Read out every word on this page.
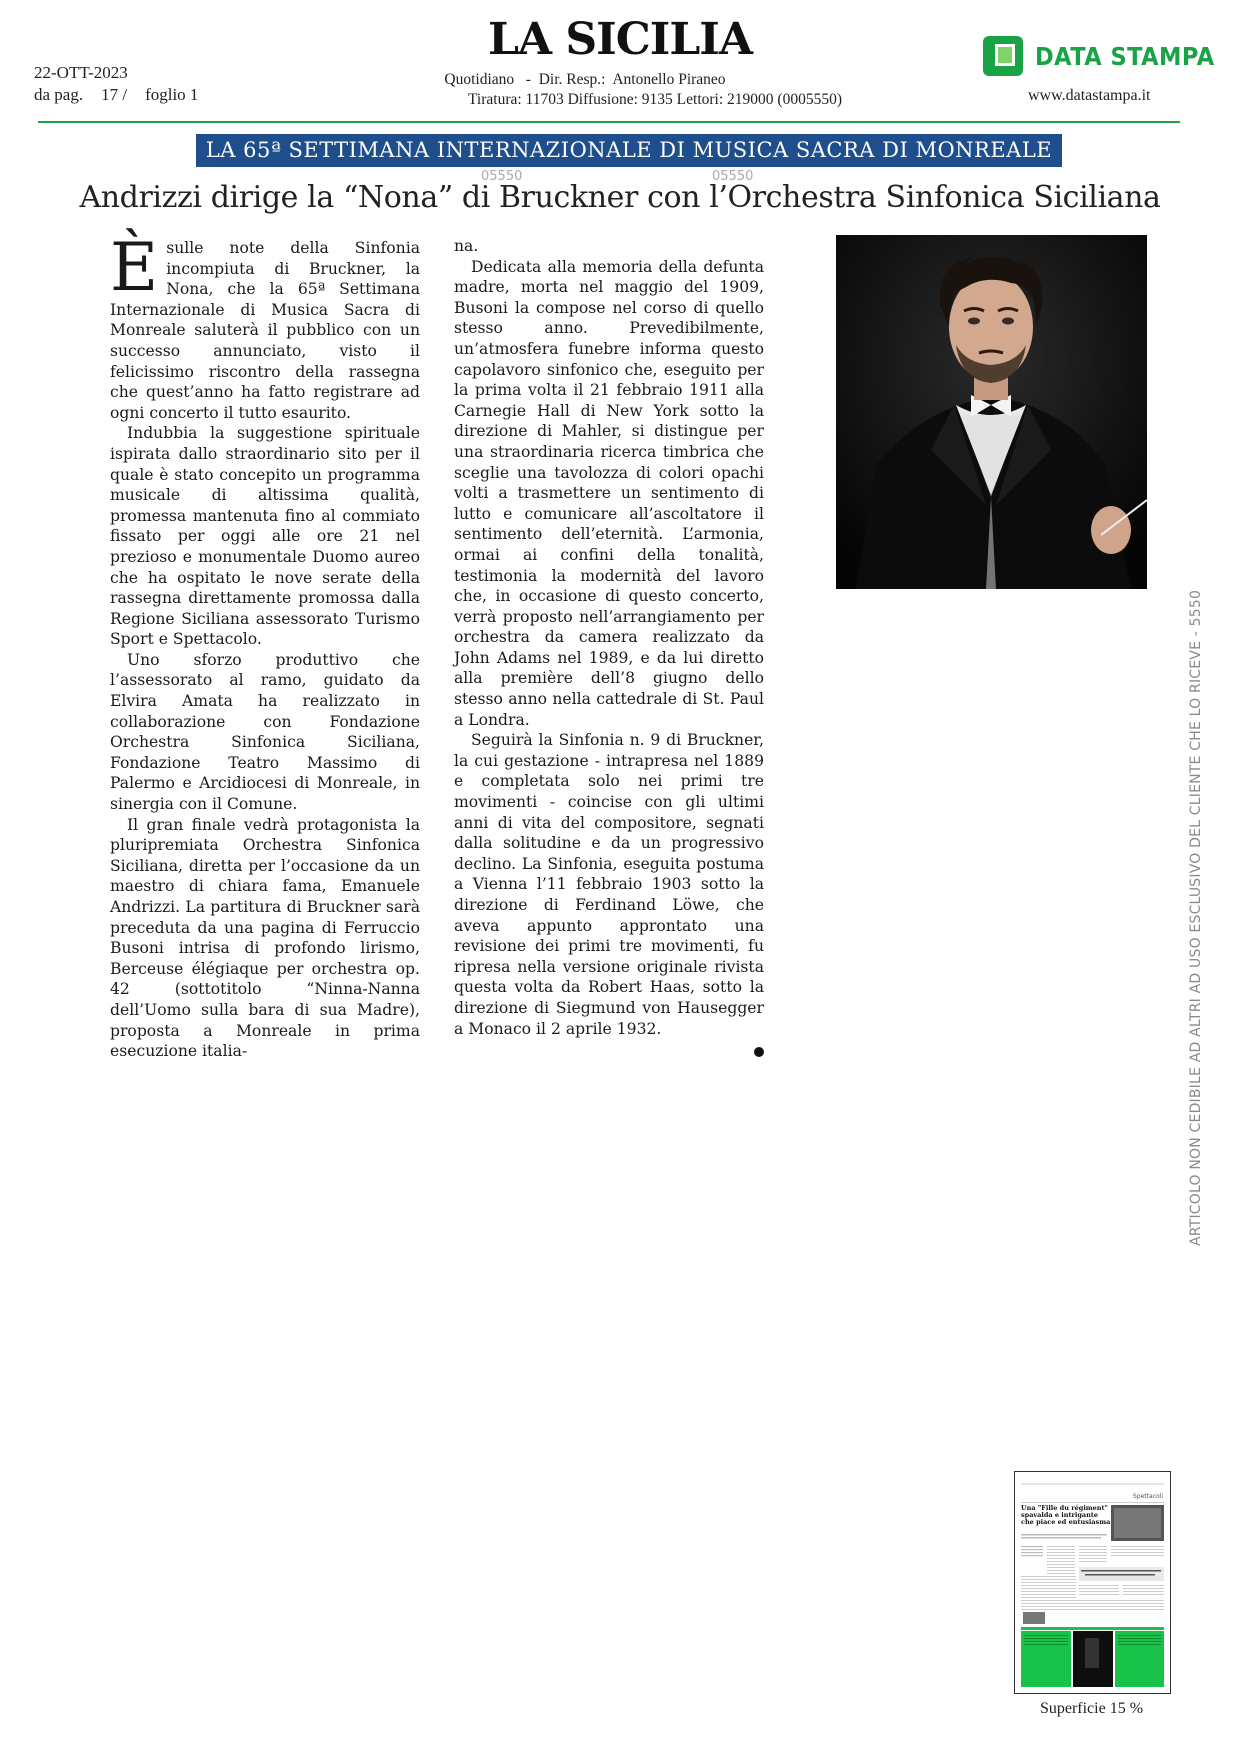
22-OTT-2023
da pag. 17 / foglio 1
LA SICILIA
Quotidiano   -  Dir. Resp.:  Antonello Piraneo
Tiratura: 11703 Diffusione: 9135 Lettori: 219000 (0005550)
DATA STAMPA
www.datastampa.it
LA 65ª SETTIMANA INTERNAZIONALE DI MUSICA SACRA DI MONREALE
05550	05550
Andrizzi dirige la “Nona” di Bruckner con l’Orchestra Sinfonica Siciliana

Èsulle note della Sinfonia incompiuta di Bruckner, la Nona, che la 65ª Settimana Internazionale di Musica Sacra di Monreale saluterà il pubblico con un successo annunciato, visto il felicissimo riscontro della rassegna che quest’anno ha fatto registrare ad ogni concerto il tutto esaurito.

Indubbia la suggestione spirituale ispirata dallo straordinario sito per il quale è stato concepito un programma musicale di altissima qualità, promessa mantenuta fino al commiato fissato per oggi alle ore 21 nel prezioso e monumentale Duomo aureo che ha ospitato le nove serate della rassegna direttamente promossa dalla Regione Siciliana assessorato Turismo Sport e Spettacolo.

Uno sforzo produttivo che l’assessorato al ramo, guidato da Elvira Amata ha realizzato in collaborazione con Fondazione Orchestra Sinfonica Siciliana, Fondazione Teatro Massimo di Palermo e Arcidiocesi di Monreale, in sinergia con il Comune.

Il gran finale vedrà protagonista la pluripremiata Orchestra Sinfonica Siciliana, diretta per l’occasione da un maestro di chiara fama, Emanuele Andrizzi. La partitura di Bruckner sarà preceduta da una pagina di Ferruccio Busoni intrisa di profondo lirismo, Berceuse élégiaque per orchestra op. 42 (sottotitolo “Ninna-Nanna dell’Uomo sulla bara di sua Madre), proposta a Monreale in prima esecuzione italia-

na.

Dedicata alla memoria della defunta madre, morta nel maggio del 1909, Busoni la compose nel corso di quello stesso anno. Prevedibilmente, un’atmosfera funebre informa questo capolavoro sinfonico che, eseguito per la prima volta il 21 febbraio 1911 alla Carnegie Hall di New York sotto la direzione di Mahler, si distingue per una straordinaria ricerca timbrica che sceglie una tavolozza di colori opachi volti a trasmettere un sentimento di lutto e comunicare all’ascoltatore il sentimento dell’eternità. L’armonia, ormai ai confini della tonalità, testimonia la modernità del lavoro che, in occasione di questo concerto, verrà proposto nell’arrangiamento per orchestra da camera realizzato da John Adams nel 1989, e da lui diretto alla première dell’8 giugno dello stesso anno nella cattedrale di St. Paul a Londra.

Seguirà la Sinfonia n. 9 di Bruckner, la cui gestazione - intrapresa nel 1889 e completata solo nei primi tre movimenti - coincise con gli ultimi anni di vita del compositore, segnati dalla solitudine e da un progressivo declino. La Sinfonia, eseguita postuma a Vienna l’11 febbraio 1903 sotto la direzione di Ferdinand Löwe, che aveva appunto approntato una revisione dei primi tre movimenti, fu ripresa nella versione originale rivista questa volta da Robert Haas, sotto la direzione di Siegmund von Hausegger a Monaco il 2 aprile 1932.	ARTICOLO NON CEDIBILE AD ALTRI AD USO ESCLUSIVO DEL CLIENTE CHE LO RICEVE - 5550
Spettacoli
Una "Fille du régiment" spavalda e intrigante che piace ed entusiasma
Superficie 15 %
